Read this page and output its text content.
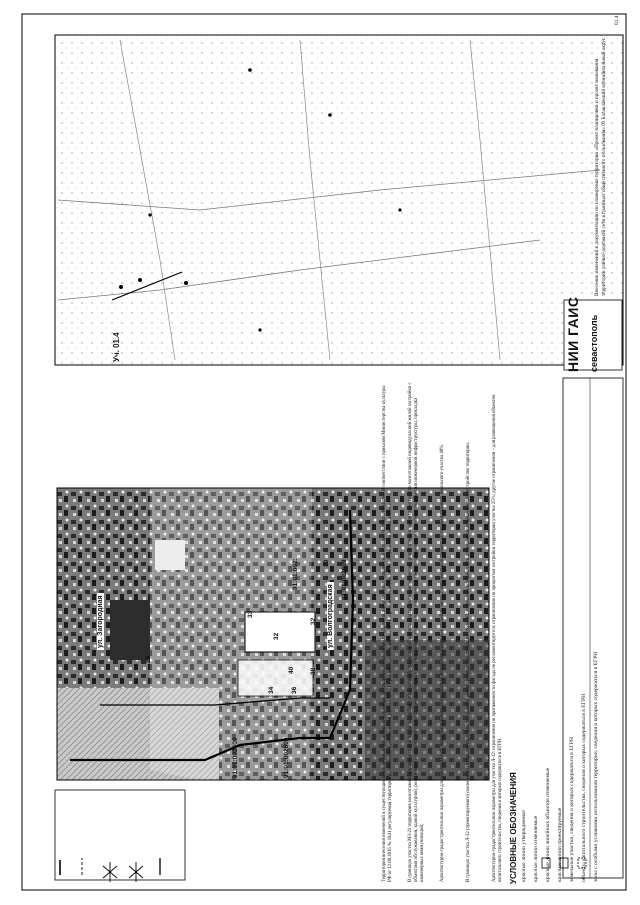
01.4
УСЛОВНЫЕ ОБОЗНАЧЕНИЯ красные линии утверждаемые красные линии отменяемые красные линии линейных объектов отменяемые красные линии проектируемые земельные участки, сведения о которых содержаться в ЕГРН объекты капитального строительства, сведения о которых содержаться в ЕГРН зоны с особыми условиями использования территории, сведения о которых содержаться в ЕГРН
ул. Загородная	ул. Волгоградская
91:01:002609	91:01:002609
91:01:002:	91:01:002609
29
30
32
32
33
34 36
38
40
Уч. 01.4
Территория внесения изменений в существующие красные линии расположена в границах Достопримечательного места «Древний город Херсонес Таврический и хутора Чолбаш и Казанте». В соответствии с приказом Министерства культуры РФ от 12.08.2016 № 1841 регулируемая территория расположена в регламентном участке М3-21 с режимом использования М3-1 и регламентном участке Л-32 с режимом использования Р3-3.	В границах участка М3-21 территория малоэтажной индивидуальной жилой застройки с объектами обслуживания, объектами отдыха; разрешается: ремонт, реконструкция, новое строительство малоэтажной индивидуальной жилой застройки с объектами обслуживания, зданий культурной, религиозной и научной деятельности, предназначенных для проживания, дошкольного, начального и среднего образования, строительство объектов инженерной инфраструктуры, прокладка инженерных коммуникаций;	Архитектурно-градостроительные параметры для участка М3-21: предельная высота застройки 8 м; количество надземных этажей не более 2; максимальный процент застройки в границах земельного участка 40%.	В границах участка Л-32 (проектируемого) озеленение и открытые пространства: ремонт, реконструкция существующих строений; сохранение исторического планировочного решения; благоустройство территории.	Архитектурно-градостроительные параметры для участка Л-32: ограничение по протяженности фасада не регламентируется; ограничение по процентам застройки территории участка 25%; другие ограничения – для размещения объектов капитального строительства, сведения о которых содержаться в ЕГРН.
НИИ ГАИС севастополь
Внесение изменений в документацию по планировке территории «Проект планировки и проект межевания территории улично-дорожной сети в границах общественного пользования» 01 Балаклавский муниципальный округ.
